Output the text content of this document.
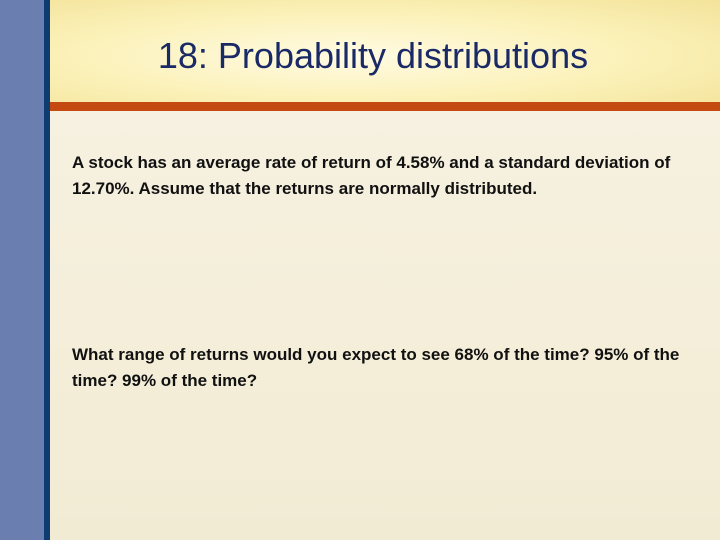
18: Probability distributions

A stock has an average rate of return of 4.58% and a standard deviation of 12.70%. Assume that the returns are normally distributed.

What range of returns would you expect to see 68% of the time? 95% of the time? 99% of the time?
